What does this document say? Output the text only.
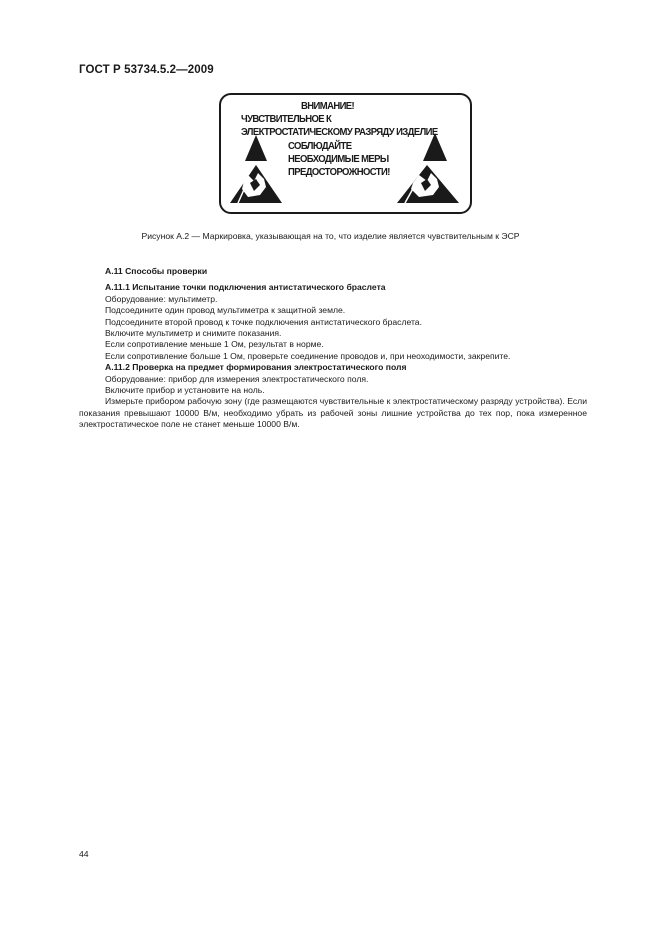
ГОСТ Р 53734.5.2—2009
ВНИМАНИЕ!
ЧУВСТВИТЕЛЬНОЕ К
ЭЛЕКТРОСТАТИЧЕСКОМУ РАЗРЯДУ ИЗДЕЛИЕ
СОБЛЮДАЙТЕ
НЕОБХОДИМЫЕ МЕРЫ
ПРЕДОСТОРОЖНОСТИ!
Рисунок А.2 — Маркировка, указывающая на то, что изделие является чувствительным к ЭСР
А.11 Способы проверки
А.11.1 Испытание точки подключения антистатического браслета
Оборудование: мультиметр.
Подсоедините один провод мультиметра к защитной земле.
Подсоедините второй провод к точке подключения антистатического браслета.
Включите мультиметр и снимите показания.
Если сопротивление меньше 1 Ом, результат в норме.
Если сопротивление больше 1 Ом, проверьте соединение проводов и, при неоходимости, закрепите.
А.11.2 Проверка на предмет формирования электростатического поля
Оборудование: прибор для измерения электростатического поля.
Включите прибор и установите на ноль.
Измерьте прибором рабочую зону (где размещаются чувствительные к электростатическому разряду устройства). Если показания превышают 10000 В/м, необходимо убрать из рабочей зоны лишние устройства до тех пор, пока измеренное электростатическое поле не станет меньше 10000 В/м.
44
